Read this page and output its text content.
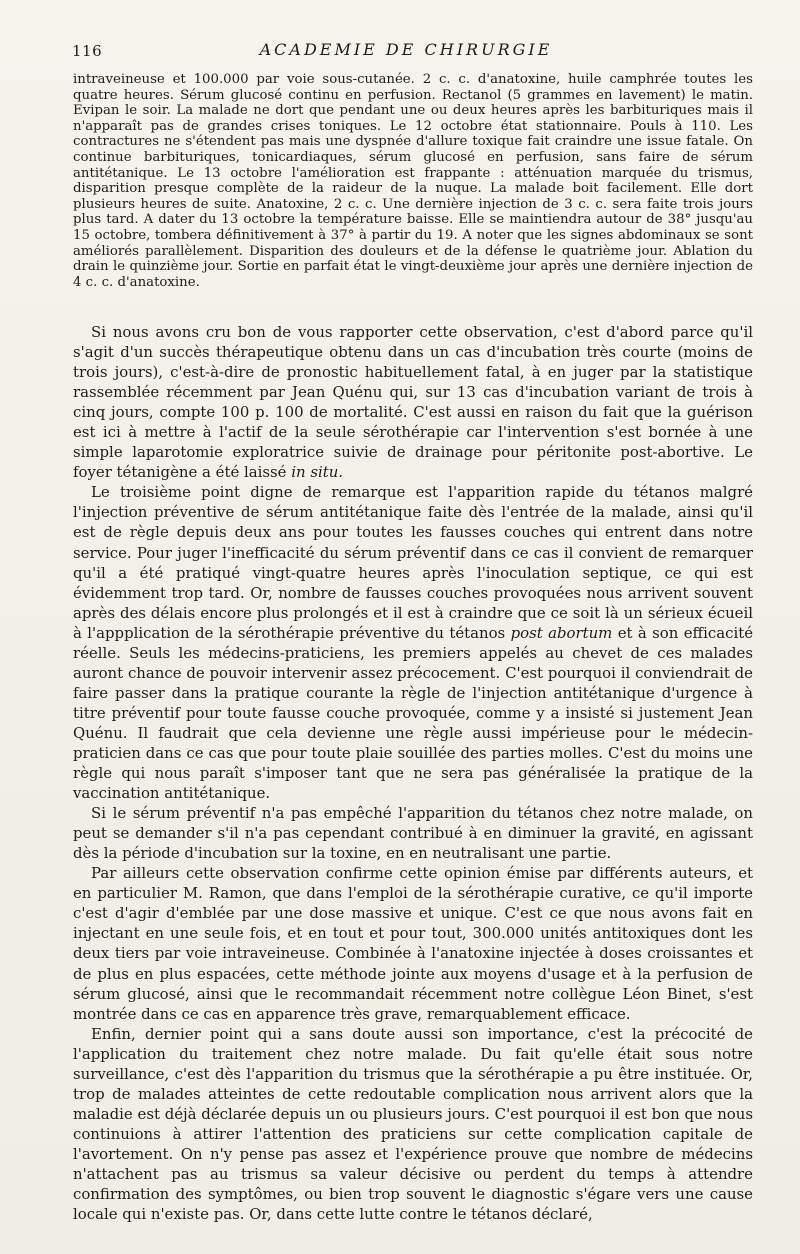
116	ACADEMIE DE CHIRURGIE
intraveineuse et 100.000 par voie sous-cutanée. 2 c. c. d'anatoxine, huile camphrée toutes les quatre heures. Sérum glucosé continu en perfusion. Rectanol (5 grammes en lavement) le matin. Evipan le soir. La malade ne dort que pendant une ou deux heures après les barbituriques mais il n'apparaît pas de grandes crises toniques. Le 12 octobre état stationnaire. Pouls à 110. Les contractures ne s'étendent pas mais une dyspnée d'allure toxique fait craindre une issue fatale. On continue barbituriques, tonicardiaques, sérum glucosé en perfusion, sans faire de sérum antitétanique. Le 13 octobre l'amélioration est frappante : atténuation marquée du trismus, disparition presque complète de la raideur de la nuque. La malade boit facilement. Elle dort plusieurs heures de suite. Anatoxine, 2 c. c. Une dernière injection de 3 c. c. sera faite trois jours plus tard. A dater du 13 octobre la température baisse. Elle se maintiendra autour de 38° jusqu'au 15 octobre, tombera définitivement à 37° à partir du 19. A noter que les signes abdominaux se sont améliorés parallèlement. Disparition des douleurs et de la défense le quatrième jour. Ablation du drain le quinzième jour. Sortie en parfait état le vingt-deuxième jour après une dernière injection de 4 c. c. d'anatoxine.

Si nous avons cru bon de vous rapporter cette observation, c'est d'abord parce qu'il s'agit d'un succès thérapeutique obtenu dans un cas d'incubation très courte (moins de trois jours), c'est-à-dire de pronostic habituellement fatal, à en juger par la statistique rassemblée récemment par Jean Quénu qui, sur 13 cas d'incubation variant de trois à cinq jours, compte 100 p. 100 de mortalité. C'est aussi en raison du fait que la guérison est ici à mettre à l'actif de la seule sérothérapie car l'intervention s'est bornée à une simple laparotomie exploratrice suivie de drainage pour péritonite post-abortive. Le foyer tétanigène a été laissé in situ.

Le troisième point digne de remarque est l'apparition rapide du tétanos malgré l'injection préventive de sérum antitétanique faite dès l'entrée de la malade, ainsi qu'il est de règle depuis deux ans pour toutes les fausses couches qui entrent dans notre service. Pour juger l'inefficacité du sérum préventif dans ce cas il convient de remarquer qu'il a été pratiqué vingt-quatre heures après l'inoculation septique, ce qui est évidemment trop tard. Or, nombre de fausses couches provoquées nous arrivent souvent après des délais encore plus prolongés et il est à craindre que ce soit là un sérieux écueil à l'appplication de la sérothérapie préventive du tétanos post abortum et à son efficacité réelle. Seuls les médecins-praticiens, les premiers appelés au chevet de ces malades auront chance de pouvoir intervenir assez précocement. C'est pourquoi il conviendrait de faire passer dans la pratique courante la règle de l'injection antitétanique d'urgence à titre préventif pour toute fausse couche provoquée, comme y a insisté si justement Jean Quénu. Il faudrait que cela devienne une règle aussi impérieuse pour le médecin-praticien dans ce cas que pour toute plaie souillée des parties molles. C'est du moins une règle qui nous paraît s'imposer tant que ne sera pas généralisée la pratique de la vaccination antitétanique.

Si le sérum préventif n'a pas empêché l'apparition du tétanos chez notre malade, on peut se demander s'il n'a pas cependant contribué à en diminuer la gravité, en agissant dès la période d'incubation sur la toxine, en en neutralisant une partie.

Par ailleurs cette observation confirme cette opinion émise par différents auteurs, et en particulier M. Ramon, que dans l'emploi de la sérothérapie curative, ce qu'il importe c'est d'agir d'emblée par une dose massive et unique. C'est ce que nous avons fait en injectant en une seule fois, et en tout et pour tout, 300.000 unités antitoxiques dont les deux tiers par voie intraveineuse. Combinée à l'anatoxine injectée à doses croissantes et de plus en plus espacées, cette méthode jointe aux moyens d'usage et à la perfusion de sérum glucosé, ainsi que le recommandait récemment notre collègue Léon Binet, s'est montrée dans ce cas en apparence très grave, remarquablement efficace.

Enfin, dernier point qui a sans doute aussi son importance, c'est la précocité de l'application du traitement chez notre malade. Du fait qu'elle était sous notre surveillance, c'est dès l'apparition du trismus que la sérothérapie a pu être instituée. Or, trop de malades atteintes de cette redoutable complication nous arrivent alors que la maladie est déjà déclarée depuis un ou plusieurs jours. C'est pourquoi il est bon que nous continuions à attirer l'attention des praticiens sur cette complication capitale de l'avortement. On n'y pense pas assez et l'expérience prouve que nombre de médecins n'attachent pas au trismus sa valeur décisive ou perdent du temps à attendre confirmation des symptômes, ou bien trop souvent le diagnostic s'égare vers une cause locale qui n'existe pas. Or, dans cette lutte contre le tétanos déclaré,
